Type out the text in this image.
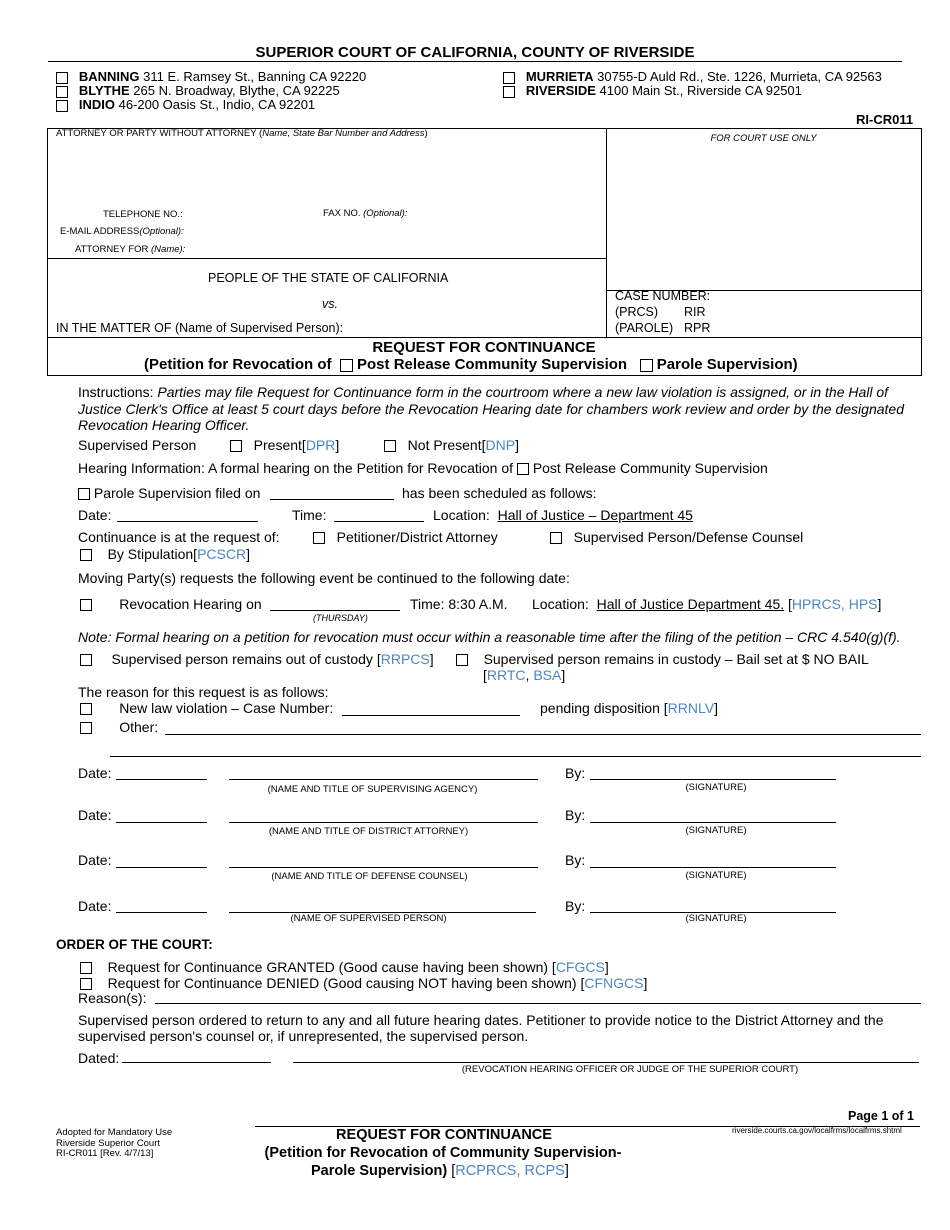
SUPERIOR COURT OF CALIFORNIA, COUNTY OF RIVERSIDE
BANNING 311 E. Ramsey St., Banning CA 92220
BLYTHE 265 N. Broadway, Blythe, CA 92225
INDIO 46-200 Oasis St., Indio, CA 92201
MURRIETA 30755-D Auld Rd., Ste. 1226, Murrieta, CA 92563
RIVERSIDE 4100 Main St., Riverside CA 92501
RI-CR011
ATTORNEY OR PARTY WITHOUT ATTORNEY (Name, State Bar Number and Address)	FOR COURT USE ONLY
TELEPHONE NO.:	FAX NO. (Optional):
E-MAIL ADDRESS(Optional):
ATTORNEY FOR (Name):
PEOPLE OF THE STATE OF CALIFORNIA
vs.
IN THE MATTER OF (Name of Supervised Person):
CASE NUMBER:
(PRCS) RIR
(PAROLE) RPR
REQUEST FOR CONTINUANCE
(Petition for Revocation of Post Release Community Supervision Parole Supervision)
Instructions: Parties may file Request for Continuance form in the courtroom where a new law violation is assigned, or in the Hall of
Justice Clerk's Office at least 5 court days before the Revocation Hearing date for chambers work review and order by the designated
Revocation Hearing Officer.
Supervised Person	Present[DPR]	Not Present[DNP]
Hearing Information: A formal hearing on the Petition for Revocation of Post Release Community Supervision
Parole Supervision filed on	has been scheduled as follows:
Date:	Time:	Location: Hall of Justice – Department 45
Continuance is at the request of:	Petitioner/District Attorney	Supervised Person/Defense Counsel
By Stipulation[PCSCR]
Moving Party(s) requests the following event be continued to the following date:
Revocation Hearing on
(THURSDAY)
Time: 8:30 A.M. Location: Hall of Justice Department 45. [HPRCS, HPS]
Note: Formal hearing on a petition for revocation must occur within a reasonable time after the filing of the petition – CRC 4.540(g)(f).
Supervised person remains out of custody [RRPCS]	Supervised person remains in custody – Bail set at $ NO BAIL
[RRTC, BSA]
The reason for this request is as follows:
New law violation – Case Number:	pending disposition [RRNLV]
Other:
Date:
(NAME AND TITLE OF SUPERVISING AGENCY)
By:
(SIGNATURE)
Date:
(NAME AND TITLE OF DISTRICT ATTORNEY)
By:
(SIGNATURE)
Date:
(NAME AND TITLE OF DEFENSE COUNSEL)
By:
(SIGNATURE)
Date:
(NAME OF SUPERVISED PERSON)
By:
(SIGNATURE)
ORDER OF THE COURT:
Request for Continuance GRANTED (Good cause having been shown) [CFGCS]
Request for Continuance DENIED (Good causing NOT having been shown) [CFNGCS]
Reason(s):
Supervised person ordered to return to any and all future hearing dates. Petitioner to provide notice to the District Attorney and the
supervised person's counsel or, if unrepresented, the supervised person.
Dated:
(REVOCATION HEARING OFFICER OR JUDGE OF THE SUPERIOR COURT)
Page 1 of 1
Adopted for Mandatory Use
Riverside Superior Court
RI-CR011 [Rev. 4/7/13]
riverside.courts.ca.gov/localfrms/localfrms.shtml
REQUEST FOR CONTINUANCE
(Petition for Revocation of Community Supervision-
Parole Supervision) [RCPRCS, RCPS]
